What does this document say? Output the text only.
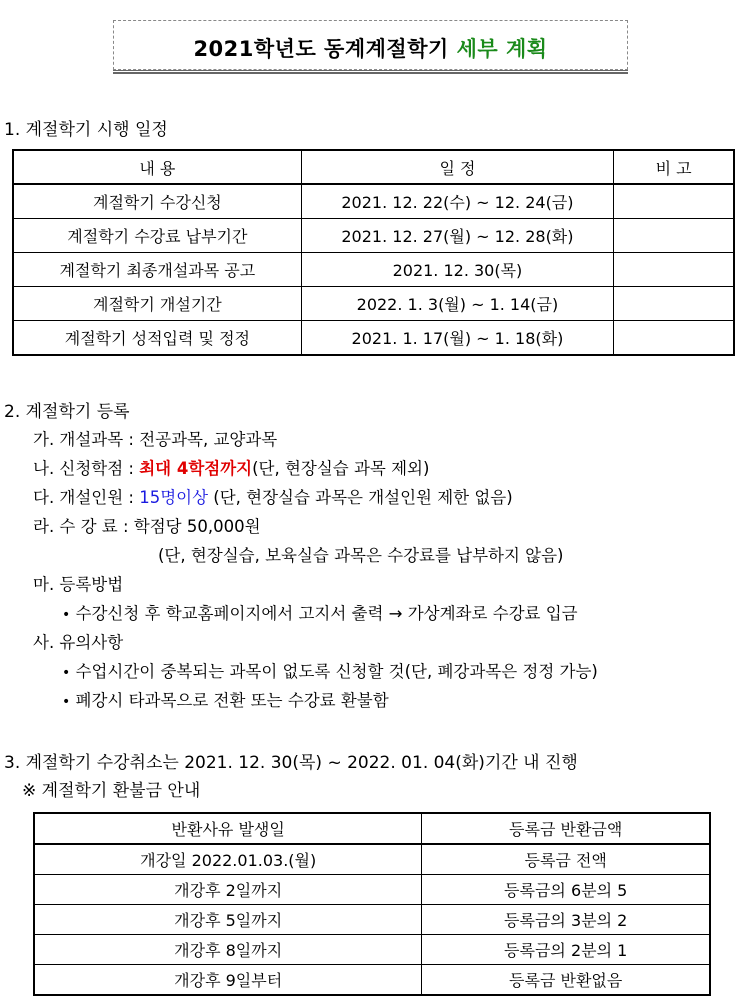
2021학년도 동계계절학기 세부 계획
1. 계절학기 시행 일정
내 용	일 정	비 고
계절학기 수강신청	2021. 12. 22(수) ~ 12. 24(금)	
계절학기 수강료 납부기간	2021. 12. 27(월) ~ 12. 28(화)	
계절학기 최종개설과목 공고	2021. 12. 30(목)	
계절학기 개설기간	2022. 1. 3(월) ~ 1. 14(금)	
계절학기 성적입력 및 정정	2021. 1. 17(월) ~ 1. 18(화)	
2. 계절학기 등록
가. 개설과목 : 전공과목, 교양과목
나. 신청학점 : 최대 4학점까지(단, 현장실습 과목 제외)
다. 개설인원 : 15명이상 (단, 현장실습 과목은 개설인원 제한 없음)
라. 수 강 료 : 학점당 50,000원
(단, 현장실습, 보육실습 과목은 수강료를 납부하지 않음)
마. 등록방법
• 수강신청 후 학교홈페이지에서 고지서 출력 → 가상계좌로 수강료 입금
사. 유의사항
• 수업시간이 중복되는 과목이 없도록 신청할 것(단, 폐강과목은 정정 가능)
• 폐강시 타과목으로 전환 또는 수강료 환불함
3. 계절학기 수강취소는 2021. 12. 30(목) ~ 2022. 01. 04(화)기간 내 진행
※ 계절학기 환불금 안내
반환사유 발생일	등록금 반환금액
개강일 2022.01.03.(월)	등록금 전액
개강후 2일까지	등록금의 6분의 5
개강후 5일까지	등록금의 3분의 2
개강후 8일까지	등록금의 2분의 1
개강후 9일부터	등록금 반환없음
